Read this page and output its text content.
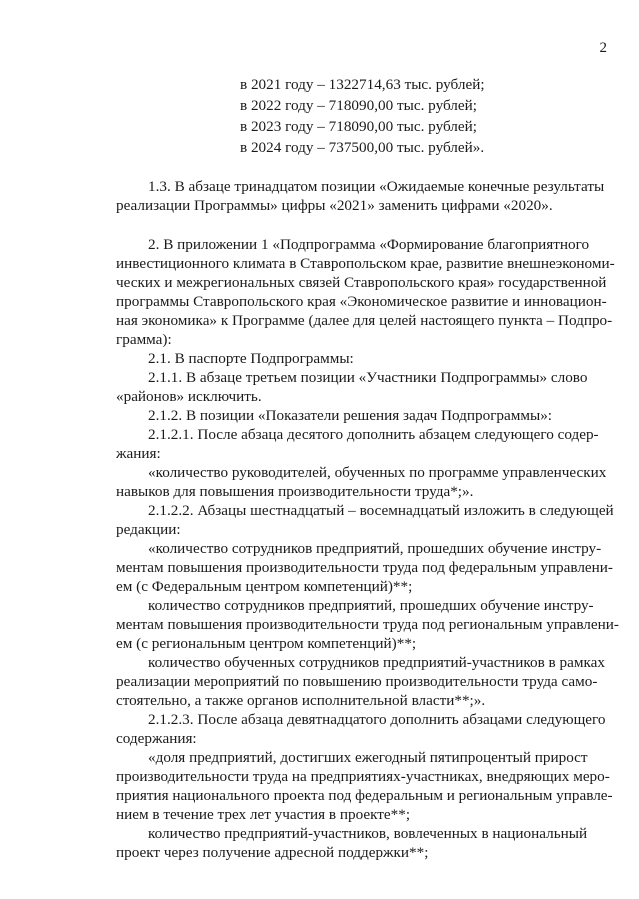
2

в 2021 году – 1322714,63 тыс. рублей;

в 2022 году – 718090,00 тыс. рублей;

в 2023 году – 718090,00 тыс. рублей;

в 2024 году – 737500,00 тыс. рублей».

1.3. В абзаце тринадцатом позиции «Ожидаемые конечные результаты

реализации Программы» цифры «2021» заменить цифрами «2020».

2. В приложении 1 «Подпрограмма «Формирование благоприятного

инвестиционного климата в Ставропольском крае, развитие внешнеэкономи-

ческих и межрегиональных связей Ставропольского края» государственной

программы Ставропольского края «Экономическое развитие и инновацион-

ная экономика» к Программе (далее для целей настоящего пункта – Подпро-

грамма):

2.1. В паспорте Подпрограммы:

2.1.1. В абзаце третьем позиции «Участники Подпрограммы» слово

«районов» исключить.

2.1.2. В позиции «Показатели решения задач Подпрограммы»:

2.1.2.1. После абзаца десятого дополнить абзацем следующего содер-

жания:

«количество руководителей, обученных по программе управленческих

навыков для повышения производительности труда*;».

2.1.2.2. Абзацы шестнадцатый – восемнадцатый изложить в следующей

редакции:

«количество сотрудников предприятий, прошедших обучение инстру-

ментам повышения производительности труда под федеральным управлени-

ем (с Федеральным центром компетенций)**;

количество сотрудников предприятий, прошедших обучение инстру-

ментам повышения производительности труда под региональным управлени-

ем (с региональным центром компетенций)**;

количество обученных сотрудников предприятий-участников в рамках

реализации мероприятий по повышению производительности труда само-

стоятельно, а также органов исполнительной власти**;».

2.1.2.3. После абзаца девятнадцатого дополнить абзацами следующего

содержания:

«доля предприятий, достигших ежегодный пятипроцентый прирост

производительности труда на предприятиях-участниках, внедряющих меро-

приятия национального проекта под федеральным и региональным управле-

нием в течение трех лет участия в проекте**;

количество предприятий-участников, вовлеченных в национальный

проект через получение адресной поддержки**;
